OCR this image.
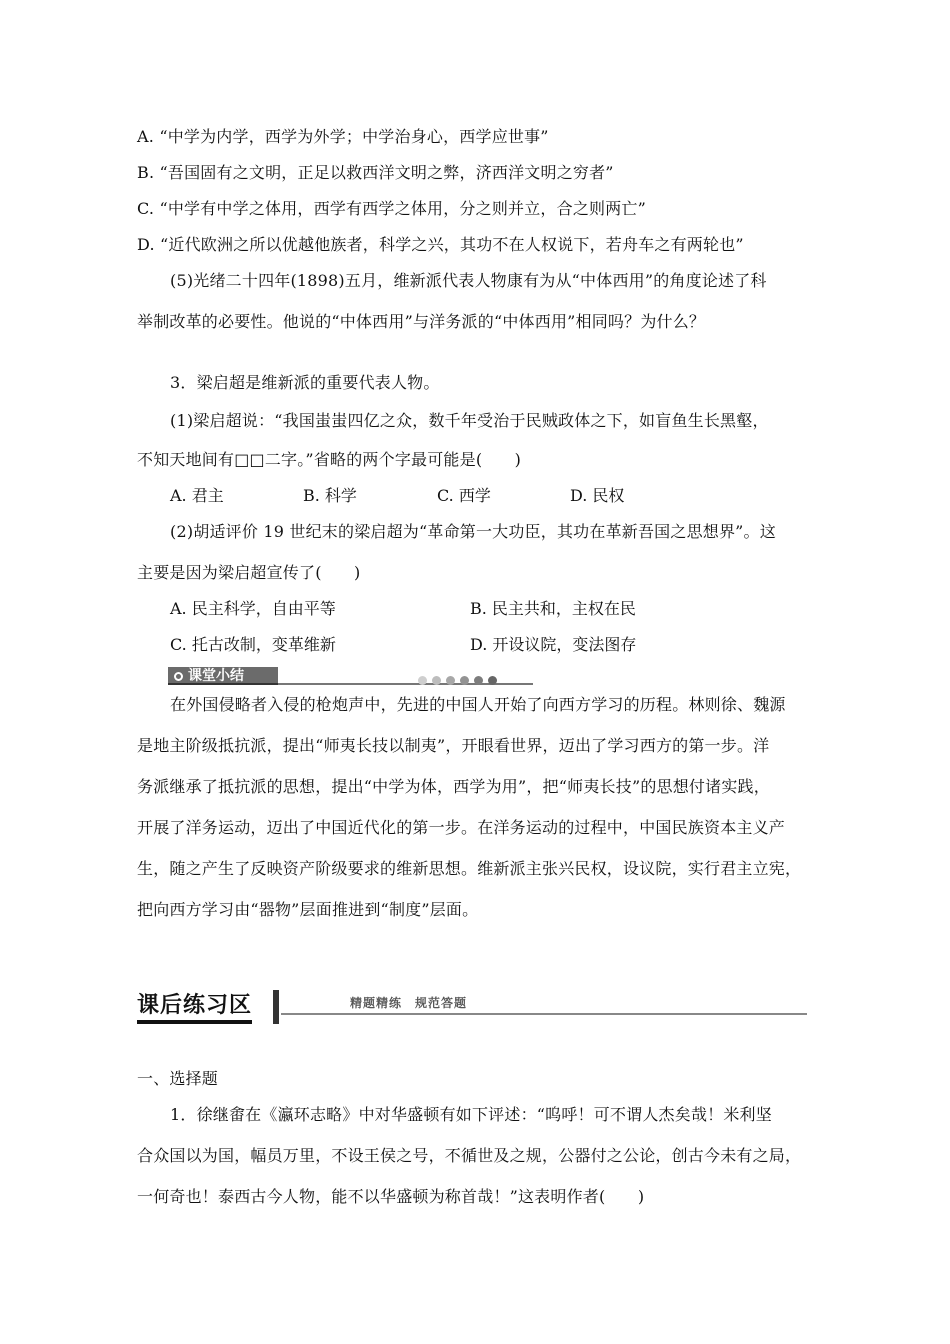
A. “中学为内学，西学为外学；中学治身心，西学应世事”
B. “吾国固有之文明，正足以救西洋文明之弊，济西洋文明之穷者”
C. “中学有中学之体用，西学有西学之体用，分之则并立，合之则两亡”
D. “近代欧洲之所以优越他族者，科学之兴，其功不在人权说下，若舟车之有两轮也”
(5)光绪二十四年(1898)五月，维新派代表人物康有为从“中体西用”的角度论述了科
举制改革的必要性。他说的“中体西用”与洋务派的“中体西用”相同吗？为什么？
3．梁启超是维新派的重要代表人物。
(1)梁启超说：“我国蚩蚩四亿之众，数千年受治于民贼政体之下，如盲鱼生长黑壑，
不知天地间有□□二字。”省略的两个字最可能是(　　)
A. 君主	B. 科学	C. 西学	D. 民权
(2)胡适评价 19 世纪末的梁启超为“革命第一大功臣，其功在革新吾国之思想界”。这
主要是因为梁启超宣传了(　　)
A. 民主科学，自由平等	B. 民主共和，主权在民
C. 托古改制，变革维新	D. 开设议院，变法图存
课堂小结
在外国侵略者入侵的枪炮声中，先进的中国人开始了向西方学习的历程。林则徐、魏源
是地主阶级抵抗派，提出“师夷长技以制夷”，开眼看世界，迈出了学习西方的第一步。洋
务派继承了抵抗派的思想，提出“中学为体，西学为用”，把“师夷长技”的思想付诸实践，
开展了洋务运动，迈出了中国近代化的第一步。在洋务运动的过程中，中国民族资本主义产
生，随之产生了反映资产阶级要求的维新思想。维新派主张兴民权，设议院，实行君主立宪，
把向西方学习由“器物”层面推进到“制度”层面。
课后练习区	精题精练　规范答题
一、选择题
1．徐继畬在《瀛环志略》中对华盛顿有如下评述：“呜呼！可不谓人杰矣哉！米利坚
合众国以为国，幅员万里，不设王侯之号，不循世及之规，公器付之公论，创古今未有之局，
一何奇也！泰西古今人物，能不以华盛顿为称首哉！”这表明作者(　　)
